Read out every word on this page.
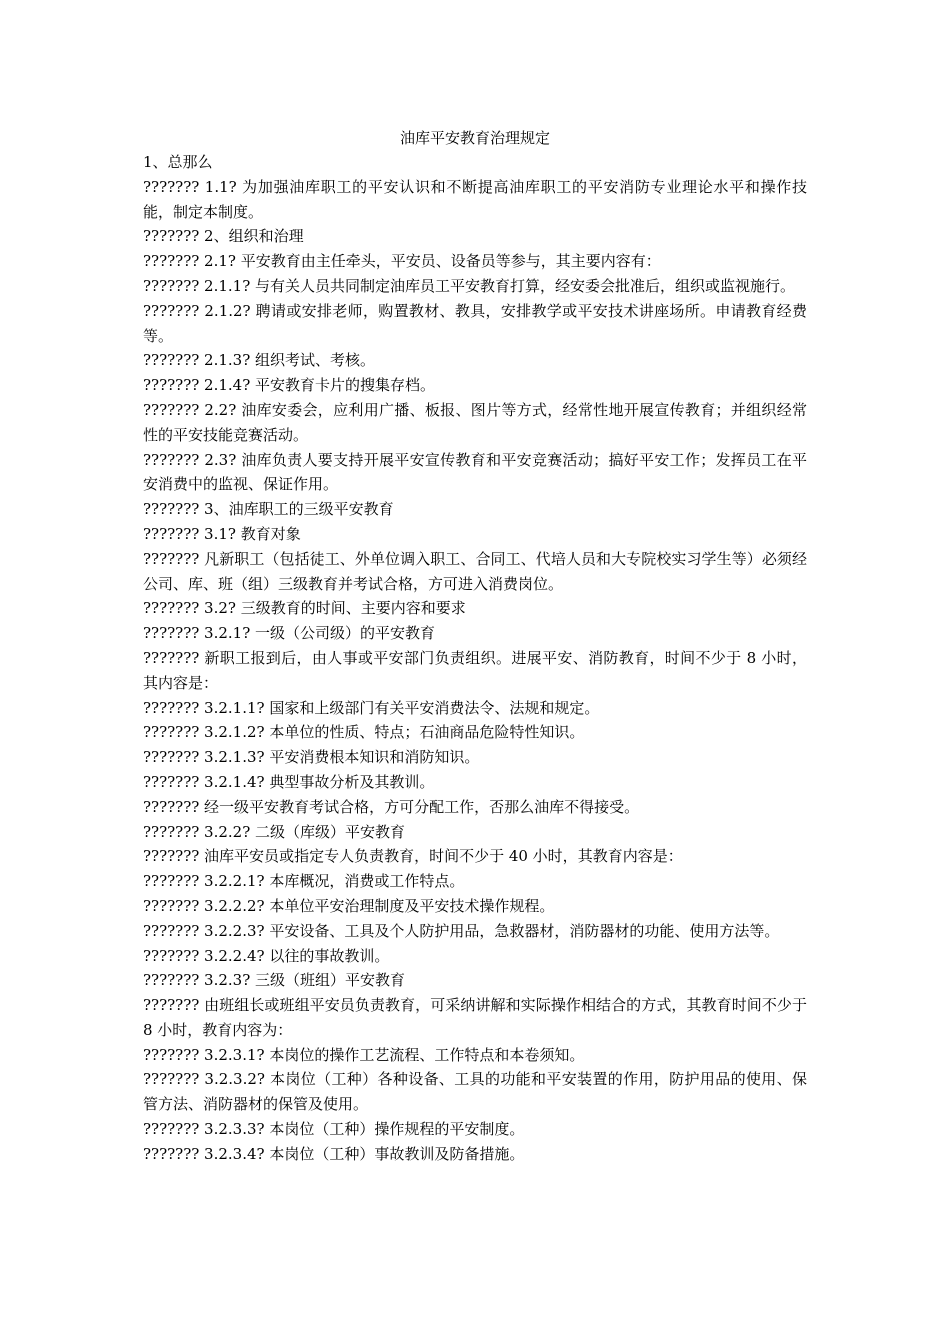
油库平安教育治理规定

1、总那么

??????? 1.1? 为加强油库职工的平安认识和不断提高油库职工的平安消防专业理论水平和操作技能，制定本制度。

??????? 2、组织和治理

??????? 2.1? 平安教育由主任牵头，平安员、设备员等参与，其主要内容有：

??????? 2.1.1? 与有关人员共同制定油库员工平安教育打算，经安委会批准后，组织或监视施行。

??????? 2.1.2? 聘请或安排老师，购置教材、教具，安排教学或平安技术讲座场所。申请教育经费等。

??????? 2.1.3? 组织考试、考核。

??????? 2.1.4? 平安教育卡片的搜集存档。

??????? 2.2? 油库安委会，应利用广播、板报、图片等方式，经常性地开展宣传教育；并组织经常性的平安技能竞赛活动。

??????? 2.3? 油库负责人要支持开展平安宣传教育和平安竞赛活动；搞好平安工作；发挥员工在平安消费中的监视、保证作用。

??????? 3、油库职工的三级平安教育

??????? 3.1? 教育对象

??????? 凡新职工（包括徒工、外单位调入职工、合同工、代培人员和大专院校实习学生等）必须经公司、库、班（组）三级教育并考试合格，方可进入消费岗位。

??????? 3.2? 三级教育的时间、主要内容和要求

??????? 3.2.1? 一级（公司级）的平安教育

??????? 新职工报到后，由人事或平安部门负责组织。进展平安、消防教育，时间不少于 8 小时，其内容是：

??????? 3.2.1.1? 国家和上级部门有关平安消费法令、法规和规定。

??????? 3.2.1.2? 本单位的性质、特点；石油商品危险特性知识。

??????? 3.2.1.3? 平安消费根本知识和消防知识。

??????? 3.2.1.4? 典型事故分析及其教训。

??????? 经一级平安教育考试合格，方可分配工作，否那么油库不得接受。

??????? 3.2.2? 二级（库级）平安教育

??????? 油库平安员或指定专人负责教育，时间不少于 40 小时，其教育内容是：

??????? 3.2.2.1? 本库概况，消费或工作特点。

??????? 3.2.2.2? 本单位平安治理制度及平安技术操作规程。

??????? 3.2.2.3? 平安设备、工具及个人防护用品，急救器材，消防器材的功能、使用方法等。

??????? 3.2.2.4? 以往的事故教训。

??????? 3.2.3? 三级（班组）平安教育

??????? 由班组长或班组平安员负责教育，可采纳讲解和实际操作相结合的方式，其教育时间不少于 8 小时，教育内容为：

??????? 3.2.3.1? 本岗位的操作工艺流程、工作特点和本卷须知。

??????? 3.2.3.2? 本岗位（工种）各种设备、工具的功能和平安装置的作用，防护用品的使用、保管方法、消防器材的保管及使用。

??????? 3.2.3.3? 本岗位（工种）操作规程的平安制度。

??????? 3.2.3.4? 本岗位（工种）事故教训及防备措施。
